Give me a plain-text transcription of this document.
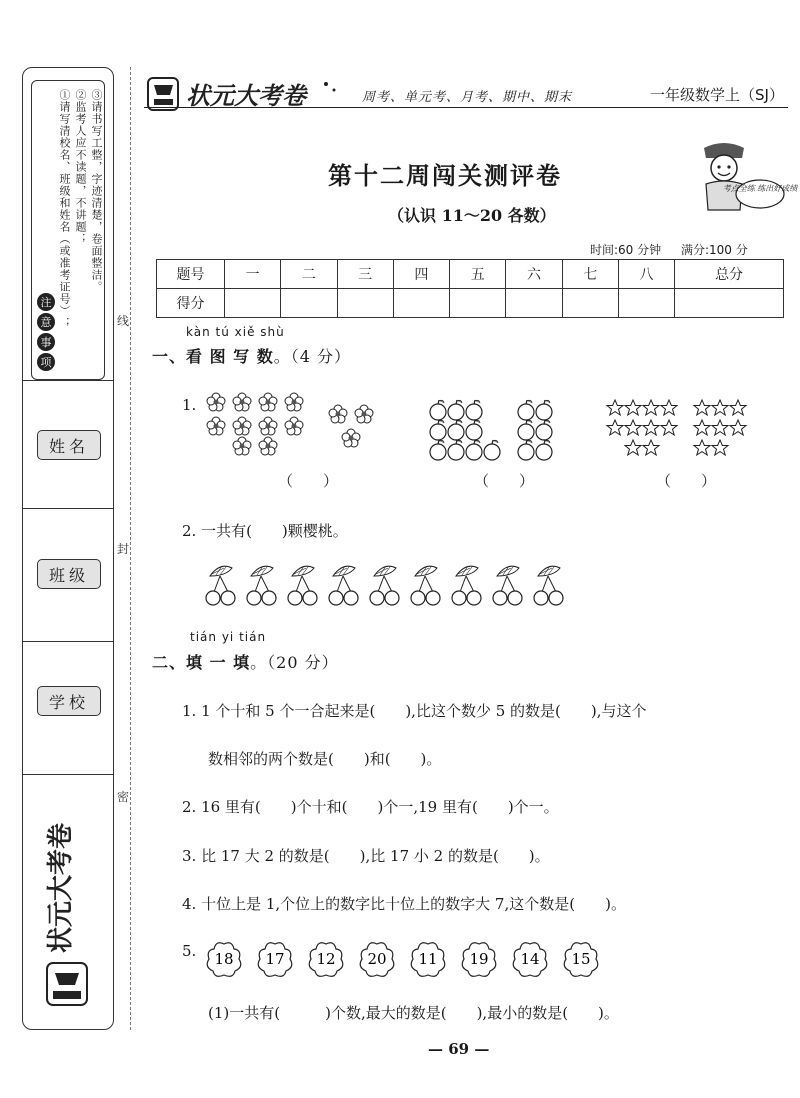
注
意
事
项
①请写清校名、班级和姓名（或准考证号）； ②监考人应不读题，不讲题； ③请书写工整，字迹清楚，卷面整洁。
姓名
班级
学校
状元大考卷
线
封
密
状元大考卷	周考、单元考、月考、期中、期末	一年级数学上（SJ）
第十二周闯关测评卷
（认识 11～20 各数）
考点全练 练出好成绩
时间:60 分钟 满分:100 分
题号	一	二	三	四	五	六	七	八	总分
得分									
kàn tú xiě shù
一、看 图 写 数。（4 分）
1.
（　　）	（　　）	（　　）
2. 一共有(　　)颗樱桃。
tián yi tián
二、填 一 填。（20 分）
1. 1 个十和 5 个一合起来是(　　),比这个数少 5 的数是(　　),与这个
数相邻的两个数是(　　)和(　　)。
2. 16 里有(　　)个十和(　　)个一,19 里有(　　)个一。
3. 比 17 大 2 的数是(　　),比 17 小 2 的数是(　　)。
4. 十位上是 1,个位上的数字比十位上的数字大 7,这个数是(　　)。
5. 18 17 12 20 11 19 14 15
(1)一共有(　　　)个数,最大的数是(　　),最小的数是(　　)。
— 69 —
